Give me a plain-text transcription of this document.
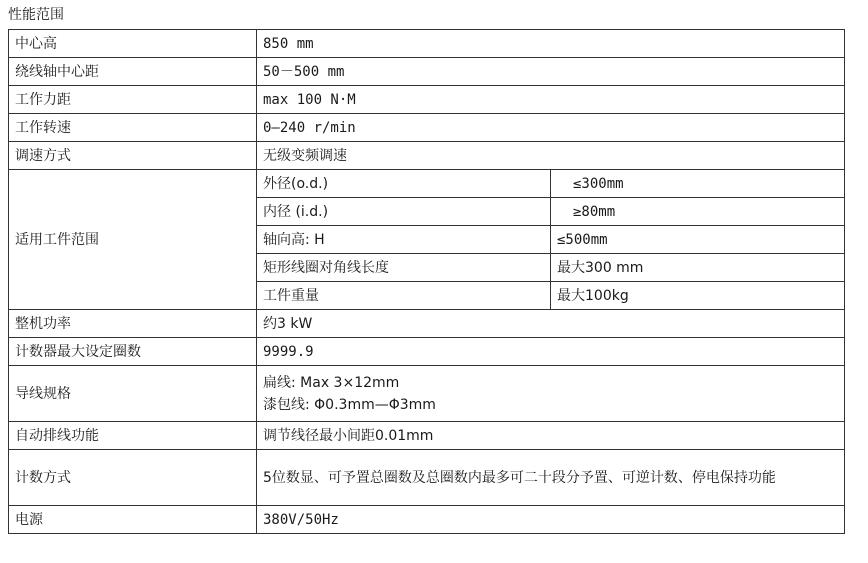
性能范围
中心高	850 mm	
绕线轴中心距	50－500 mm	
工作力距	max 100 N·M	
工作转速	0—240 r/min	
调速方式	无级变频调速	
适用工件范围	外径(o.d.)	≤300mm
	内径 (i.d.)	≥80mm
	轴向高: H	≤500mm
	矩形线圈对角线长度	最大300 mm
	工件重量	最大100kg
整机功率	约3 kW	
计数器最大设定圈数	9999.9	
导线规格	扁线: Max 3×12mm
漆包线: Φ0.3mm—Φ3mm	

自动排线功能	调节线径最小间距0.01mm	
计数方式	5位数显、可予置总圈数及总圈数内最多可二十段分予置、可逆计数、停电保持功能	
电源	380V/50Hz	
